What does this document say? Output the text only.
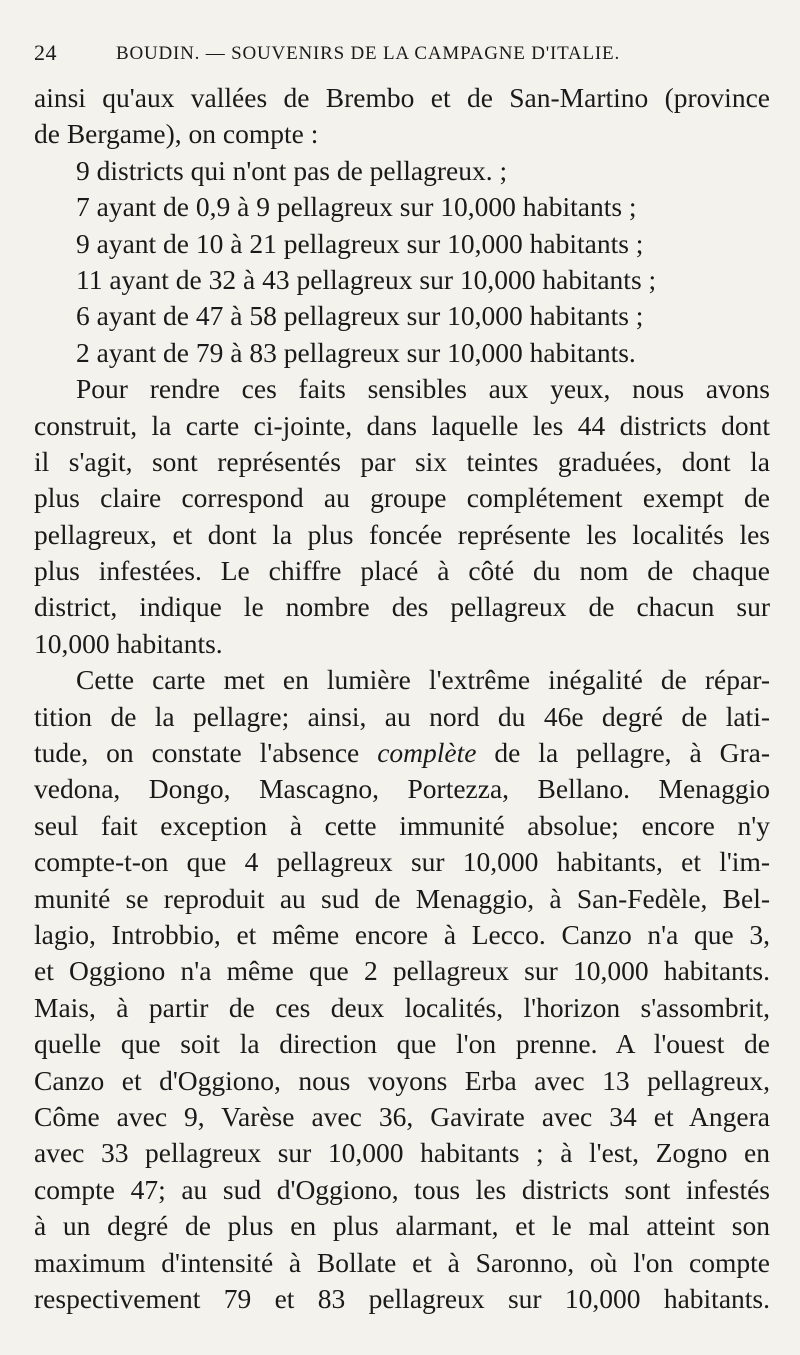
24	BOUDIN. — SOUVENIRS DE LA CAMPAGNE D'ITALIE.
ainsi qu'aux vallées de Brembo et de San-Martino (province
de Bergame), on compte :
9 districts qui n'ont pas de pellagreux. ;
7 ayant de 0,9 à 9 pellagreux sur 10,000 habitants ;
9 ayant de 10 à 21 pellagreux sur 10,000 habitants ;
11 ayant de 32 à 43 pellagreux sur 10,000 habitants ;
6 ayant de 47 à 58 pellagreux sur 10,000 habitants ;
2 ayant de 79 à 83 pellagreux sur 10,000 habitants.
Pour rendre ces faits sensibles aux yeux, nous avons
construit, la carte ci-jointe, dans laquelle les 44 districts dont
il s'agit, sont représentés par six teintes graduées, dont la
plus claire correspond au groupe complétement exempt de
pellagreux, et dont la plus foncée représente les localités les
plus infestées. Le chiffre placé à côté du nom de chaque
district, indique le nombre des pellagreux de chacun sur
10,000 habitants.
Cette carte met en lumière l'extrême inégalité de répar-
tition de la pellagre; ainsi, au nord du 46e degré de lati-
tude, on constate l'absence complète de la pellagre, à Gra-
vedona, Dongo, Mascagno, Portezza, Bellano. Menaggio
seul fait exception à cette immunité absolue; encore n'y
compte-t-on que 4 pellagreux sur 10,000 habitants, et l'im-
munité se reproduit au sud de Menaggio, à San-Fedèle, Bel-
lagio, Introbbio, et même encore à Lecco. Canzo n'a que 3,
et Oggiono n'a même que 2 pellagreux sur 10,000 habitants.
Mais, à partir de ces deux localités, l'horizon s'assombrit,
quelle que soit la direction que l'on prenne. A l'ouest de
Canzo et d'Oggiono, nous voyons Erba avec 13 pellagreux,
Côme avec 9, Varèse avec 36, Gavirate avec 34 et Angera
avec 33 pellagreux sur 10,000 habitants ; à l'est, Zogno en
compte 47; au sud d'Oggiono, tous les districts sont infestés
à un degré de plus en plus alarmant, et le mal atteint son
maximum d'intensité à Bollate et à Saronno, où l'on compte
respectivement 79 et 83 pellagreux sur 10,000 habitants.
